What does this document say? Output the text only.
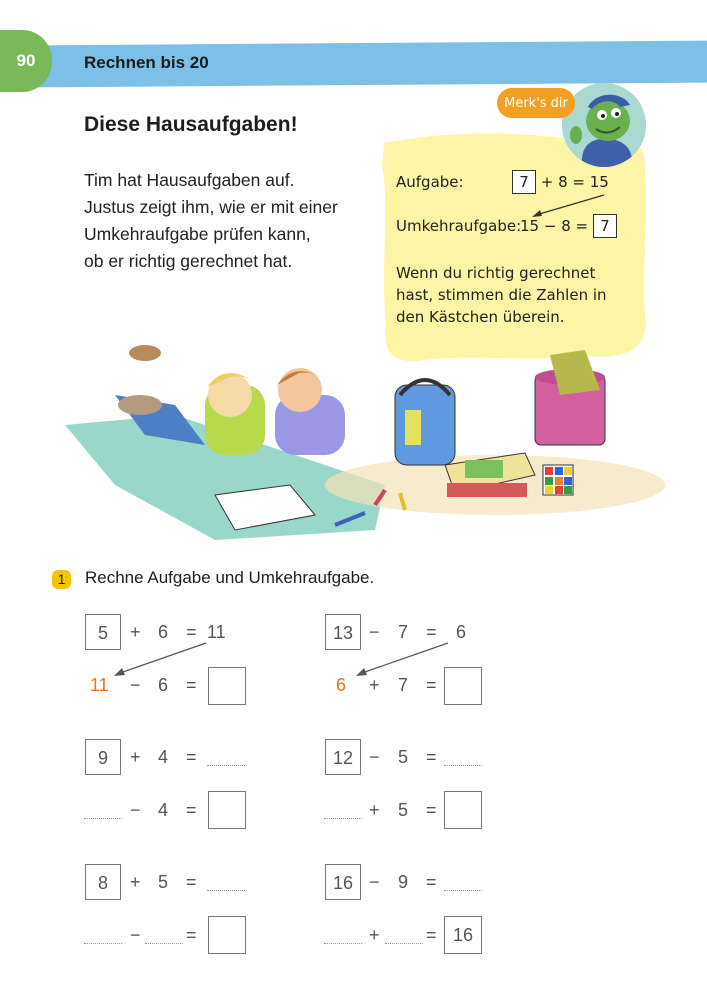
90	Rechnen bis 20
Diese Hausaufgaben!
Tim hat Hausaufgaben auf.
Justus zeigt ihm, wie er mit einer
Umkehraufgabe prüfen kann,
ob er richtig gerechnet hat.
Aufgabe:	7 + 8 = 15
Umkehraufgabe:
15 − 8 = 7
Wenn du richtig gerechnet
hast, stimmen die Zahlen in
den Kästchen überein.
Merk's dir
1	Rechne Aufgabe und Umkehraufgabe.
5	+ 6 = 11
11 − 6 =
13 − 7 = 6
6 + 7 =
9	+ 4 =
− 4 =
12 − 5 =
+ 5 =
8	+ 5 =
−	=
16 − 9 =
+	= 16
